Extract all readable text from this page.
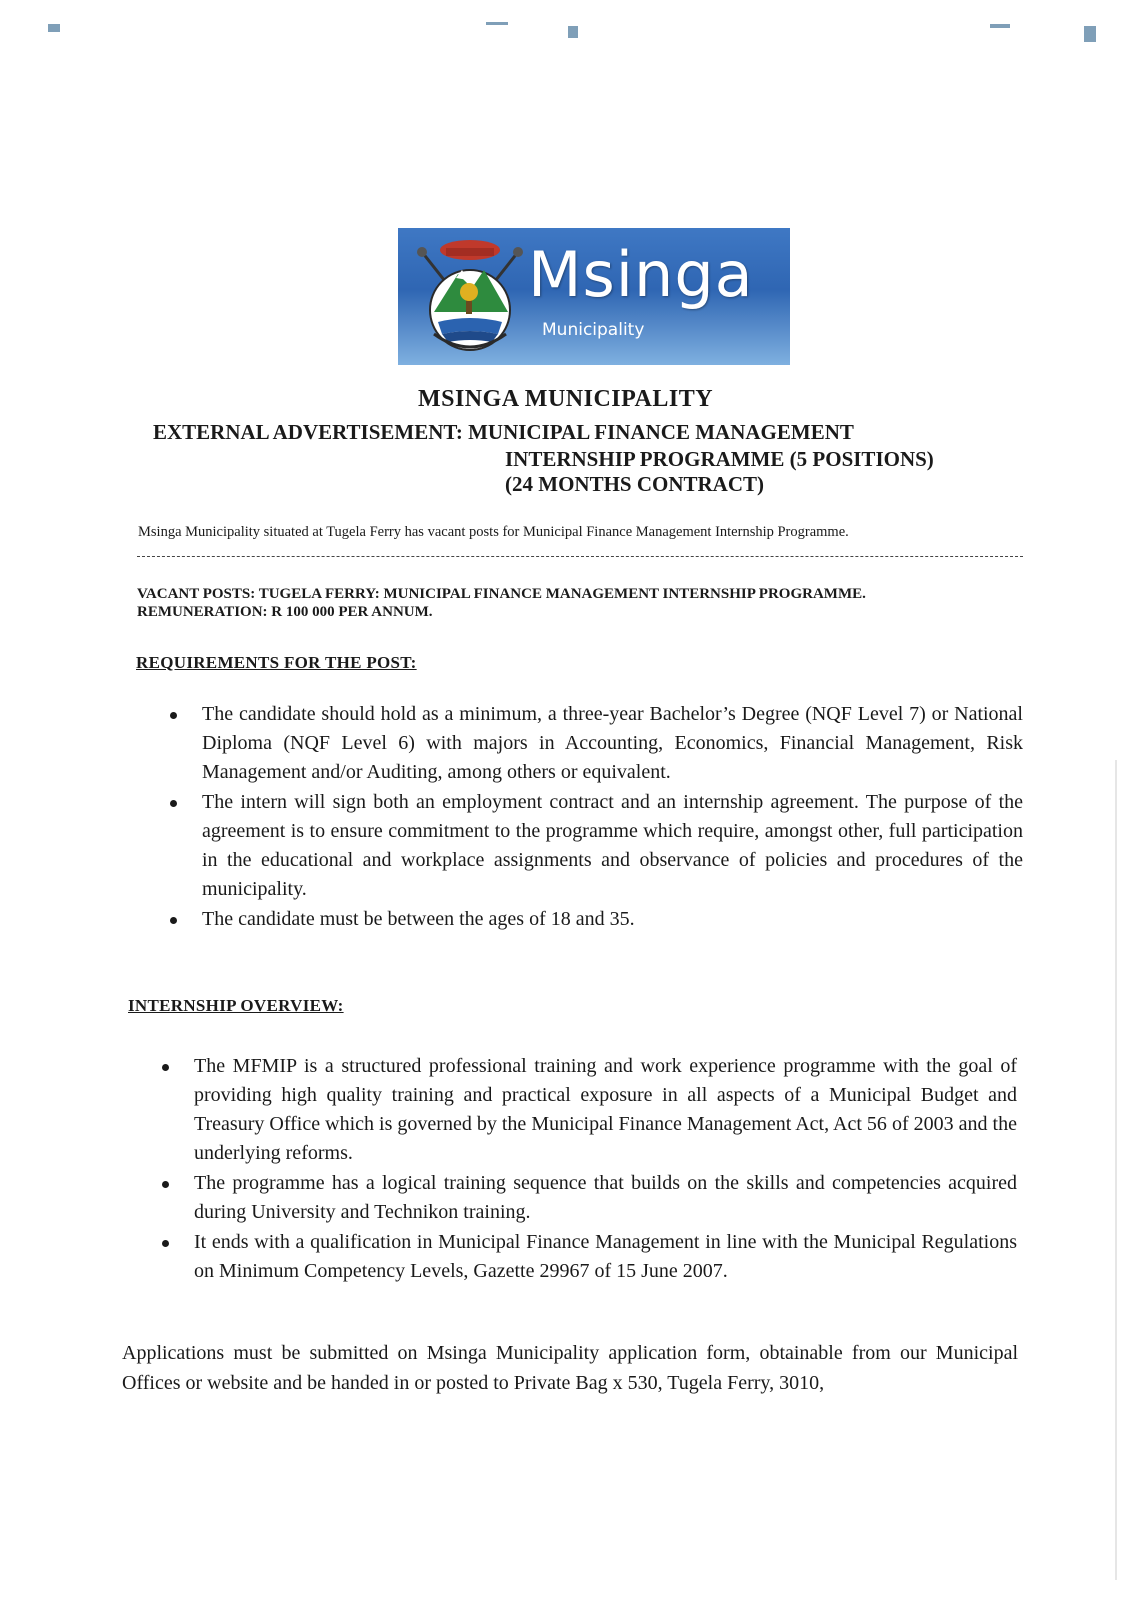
Msinga
Municipality
MSINGA MUNICIPALITY
EXTERNAL ADVERTISEMENT: MUNICIPAL FINANCE MANAGEMENT
INTERNSHIP PROGRAMME (5 POSITIONS)
(24 MONTHS CONTRACT)
Msinga Municipality situated at Tugela Ferry has vacant posts for Municipal Finance Management Internship Programme.
VACANT POSTS: TUGELA FERRY: MUNICIPAL FINANCE MANAGEMENT INTERNSHIP PROGRAMME.
REMUNERATION: R 100 000 PER ANNUM.
REQUIREMENTS FOR THE POST:
The candidate should hold as a minimum, a three-year Bachelor’s Degree (NQF Level 7) or National Diploma (NQF Level 6) with majors in Accounting, Economics, Financial Management, Risk Management and/or Auditing, among others or equivalent.
The intern will sign both an employment contract and an internship agreement. The purpose of the agreement is to ensure commitment to the programme which require, amongst other, full participation in the educational and workplace assignments and observance of policies and procedures of the municipality.
The candidate must be between the ages of 18 and 35.
INTERNSHIP OVERVIEW:
The MFMIP is a structured professional training and work experience programme with the goal of providing high quality training and practical exposure in all aspects of a Municipal Budget and Treasury Office which is governed by the Municipal Finance Management Act, Act 56 of 2003 and the underlying reforms.
The programme has a logical training sequence that builds on the skills and competencies acquired during University and Technikon training.
It ends with a qualification in Municipal Finance Management in line with the Municipal Regulations on Minimum Competency Levels, Gazette 29967 of 15 June 2007.
Applications must be submitted on Msinga Municipality application form, obtainable from our Municipal Offices or website and be handed in or posted to Private Bag x 530, Tugela Ferry, 3010,
